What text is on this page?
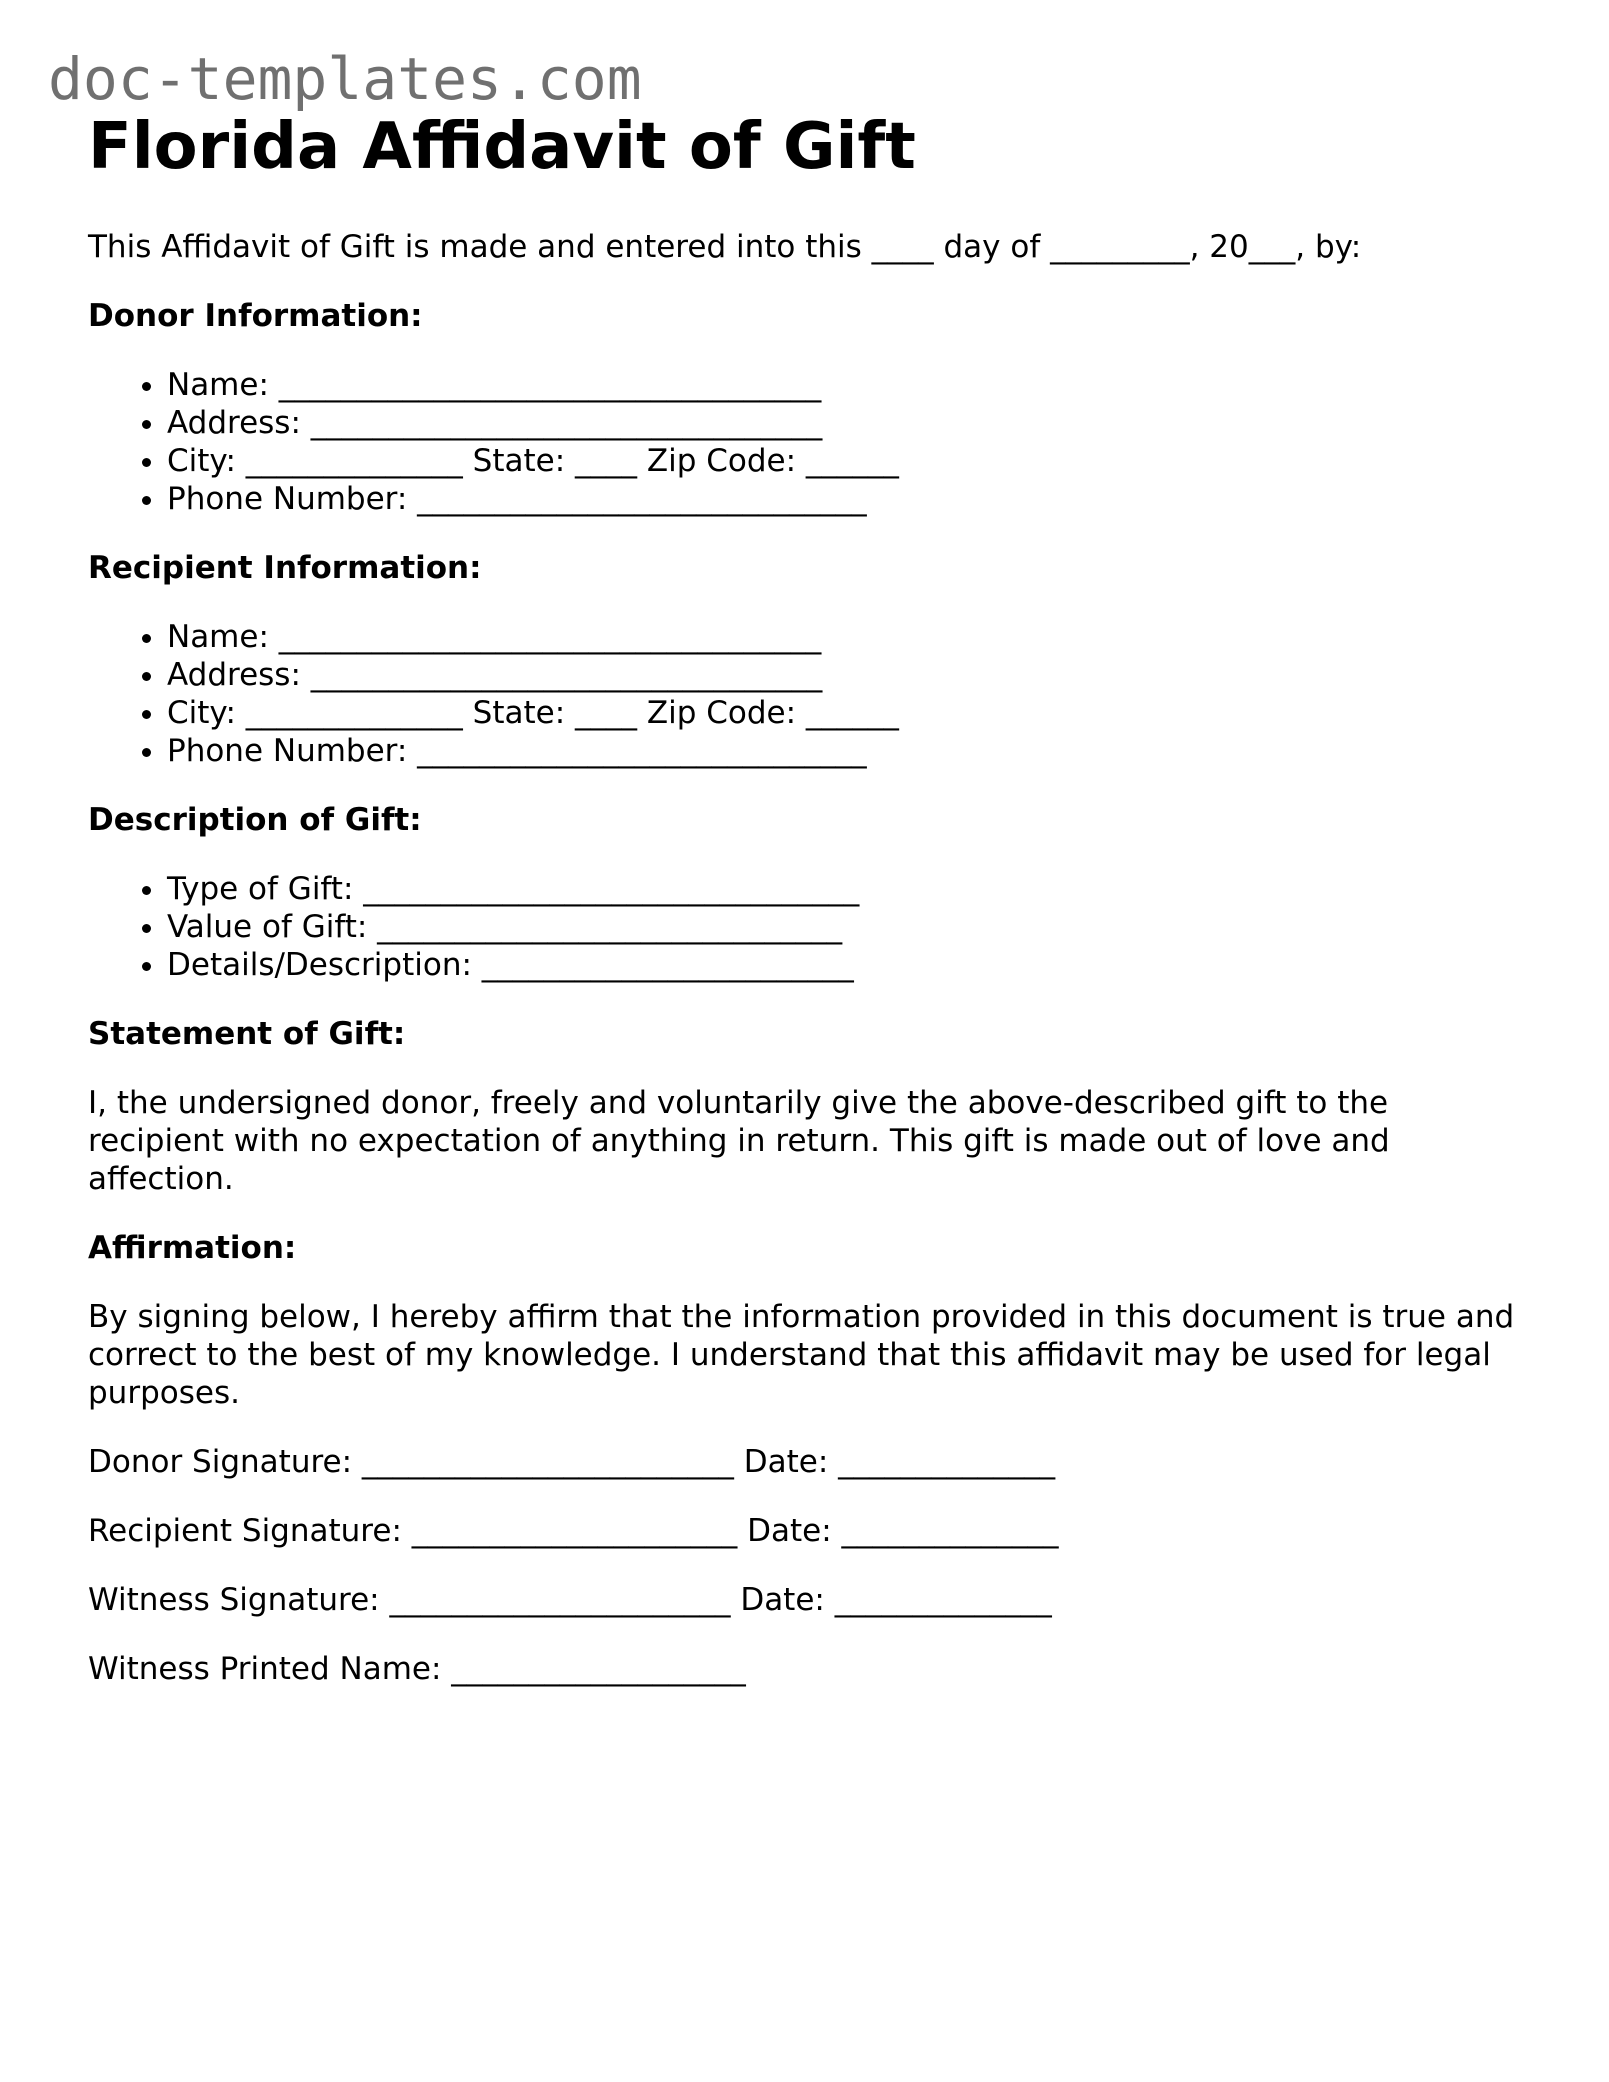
doc-templates.com
Florida Affidavit of Gift

This Affidavit of Gift is made and entered into this ____ day of _________, 20___, by:

Donor Information:
• Name: ___________________________________
• Address: _________________________________
• City: ______________ State: ____ Zip Code: ______
• Phone Number: _____________________________
Recipient Information:
• Name: ___________________________________
• Address: _________________________________
• City: ______________ State: ____ Zip Code: ______
• Phone Number: _____________________________
Description of Gift:
• Type of Gift: ________________________________
• Value of Gift: ______________________________
• Details/Description: ________________________
Statement of Gift:

I, the undersigned donor, freely and voluntarily give the above-described gift to the recipient with no expectation of anything in return. This gift is made out of love and affection.

Affirmation:

By signing below, I hereby affirm that the information provided in this document is true and correct to the best of my knowledge. I understand that this affidavit may be used for legal purposes.

Donor Signature: ________________________ Date: ______________

Recipient Signature: _____________________ Date: ______________

Witness Signature: ______________________ Date: ______________

Witness Printed Name: ___________________
